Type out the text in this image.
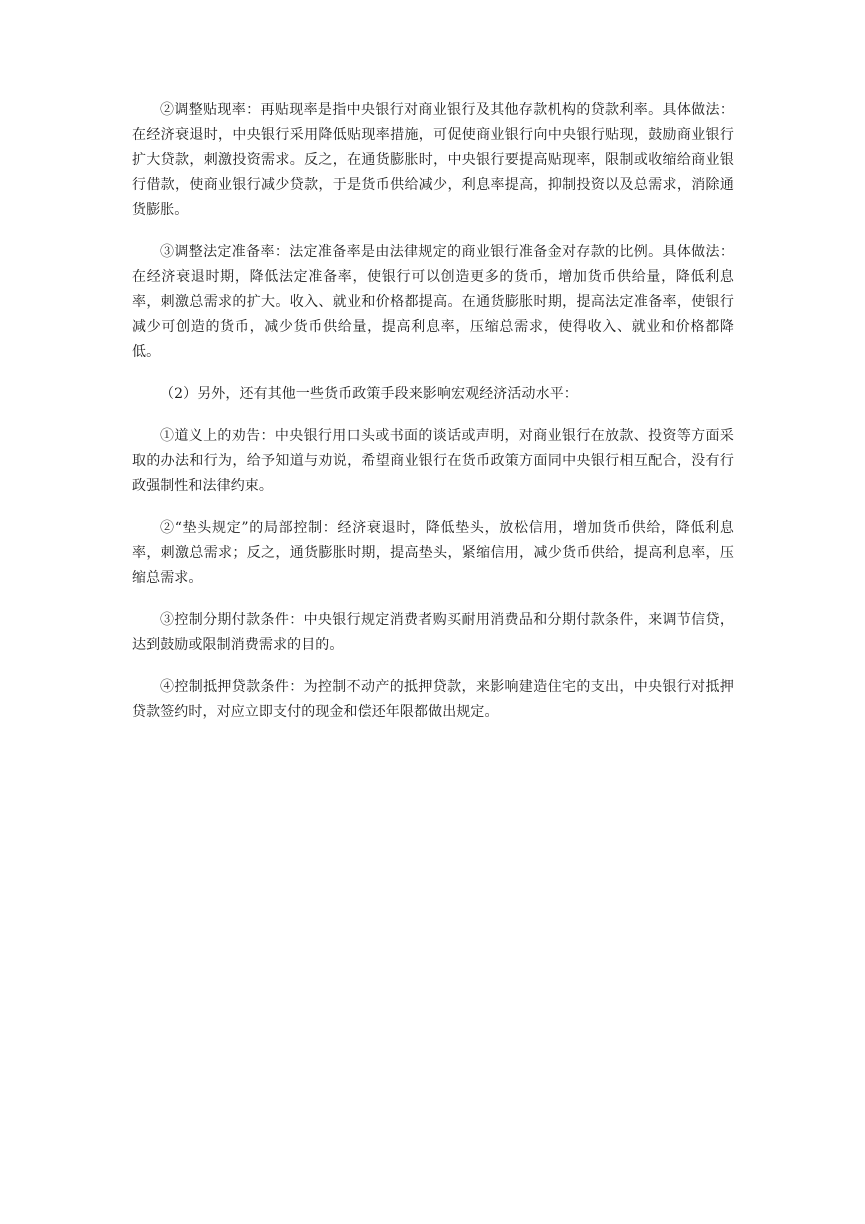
②调整贴现率：再贴现率是指中央银行对商业银行及其他存款机构的贷款利率。具体做法：在经济衰退时，中央银行采用降低贴现率措施，可促使商业银行向中央银行贴现，鼓励商业银行扩大贷款，刺激投资需求。反之，在通货膨胀时，中央银行要提高贴现率，限制或收缩给商业银行借款，使商业银行减少贷款，于是货币供给减少，利息率提高，抑制投资以及总需求，消除通货膨胀。

③调整法定准备率：法定准备率是由法律规定的商业银行准备金对存款的比例。具体做法：在经济衰退时期，降低法定准备率，使银行可以创造更多的货币，增加货币供给量，降低利息率，刺激总需求的扩大。收入、就业和价格都提高。在通货膨胀时期，提高法定准备率，使银行减少可创造的货币，减少货币供给量，提高利息率，压缩总需求，使得收入、就业和价格都降低。

（2）另外，还有其他一些货币政策手段来影响宏观经济活动水平：

①道义上的劝告：中央银行用口头或书面的谈话或声明，对商业银行在放款、投资等方面采取的办法和行为，给予知道与劝说，希望商业银行在货币政策方面同中央银行相互配合，没有行政强制性和法律约束。

②“垫头规定”的局部控制：经济衰退时，降低垫头，放松信用，增加货币供给，降低利息率，刺激总需求；反之，通货膨胀时期，提高垫头，紧缩信用，减少货币供给，提高利息率，压缩总需求。

③控制分期付款条件：中央银行规定消费者购买耐用消费品和分期付款条件，来调节信贷，达到鼓励或限制消费需求的目的。

④控制抵押贷款条件：为控制不动产的抵押贷款，来影响建造住宅的支出，中央银行对抵押贷款签约时，对应立即支付的现金和偿还年限都做出规定。
